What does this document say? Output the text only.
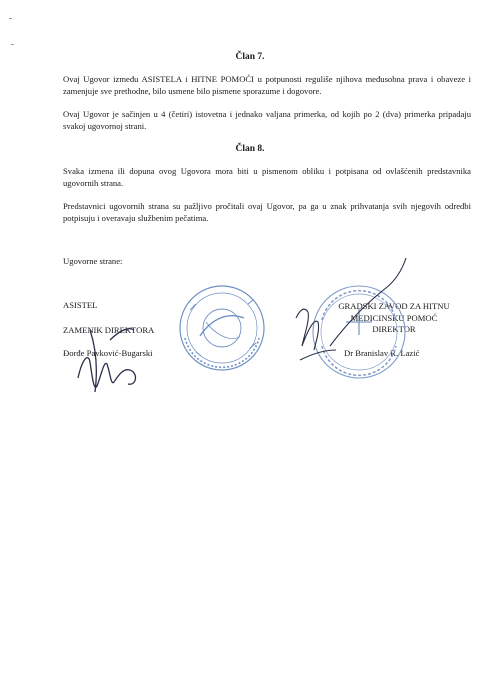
Član 7.
Ovaj Ugovor između ASISTELA i HITNE POMOĆI u potpunosti reguliše njihova međusobna prava i obaveze i zamenjuje sve prethodne, bilo usmene bilo pismene sporazume i dogovore.
Ovaj Ugovor je sačinjen u 4 (četiri) istovetna i jednako valjana primerka, od kojih po 2 (dva) primerka pripadaju svakoj ugovornoj strani.
Član 8.
Svaka izmena ili dopuna ovog Ugovora mora biti u pismenom obliku i potpisana od ovlašćenih predstavnika ugovornih strana.
Predstavnici ugovornih strana su pažljivo pročitali ovaj Ugovor, pa ga u znak prihvatanja svih njegovih odredbi potpisuju i overavaju službenim pečatima.
Ugovorne strane:
ASISTEL
ZAMENIK DIREKTORA
Đorđe Pavković-Bugarski
GRADSKI ZAVOD ZA HITNU
MEDICINSKU POMOĆ
DIREKTOR
Dr Branislav R. Lazić
